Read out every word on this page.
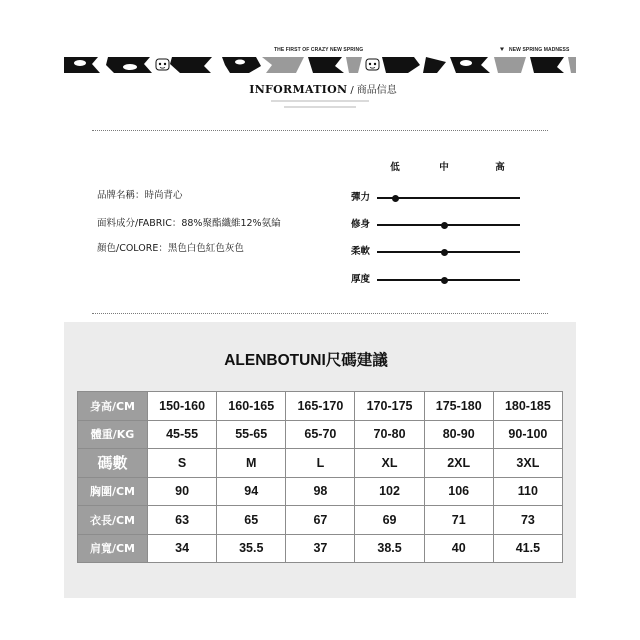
THE FIRST OF CRAZY NEW SPRING	NEW SPRING MADNESS
INFORMATION / 商品信息
低	中	高
品牌名稱：時尚背心
面料成分/FABRIC：88%聚酯纖維12%氨綸
顏色/COLORE：黑色白色紅色灰色
彈力
修身
柔軟
厚度
ALENBOTUNI尺碼建議
身高/CM	150-160	160-165	165-170	170-175	175-180	180-185
體重/KG	45-55	55-65	65-70	70-80	80-90	90-100
碼數	S	M	L	XL	2XL	3XL
胸圍/CM	90	94	98	102	106	110
衣長/CM	63	65	67	69	71	73
肩寬/CM	34	35.5	37	38.5	40	41.5
